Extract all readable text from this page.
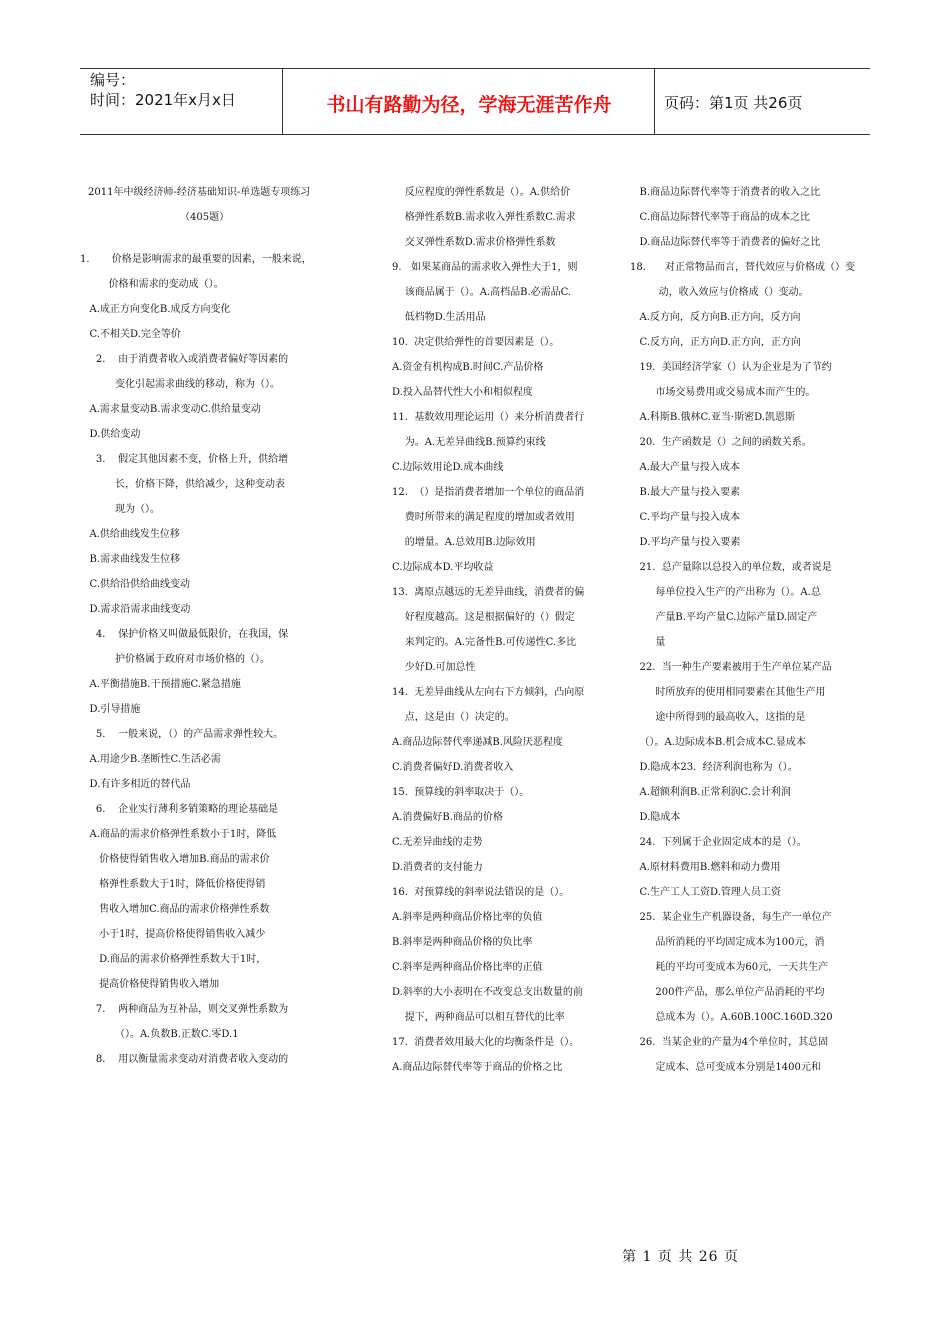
编号：
时间：2021年x月x日	书山有路勤为径，学海无涯苦作舟	页码：第1页 共26页

2011年中级经济师-经济基础知识-单选题专项练习

（405题）

1.       价格是影响需求的最重要的因素，一般来说，

价格和需求的变动成（）。

A.成正方向变化B.成反方向变化

C.不相关D.完全等价

2.    由于消费者收入或消费者偏好等因素的

变化引起需求曲线的移动，称为（）。

A.需求量变动B.需求变动C.供给量变动

D.供给变动

3.    假定其他因素不变，价格上升，供给增

长，价格下降，供给减少，这种变动表

现为（）。

A.供给曲线发生位移

B.需求曲线发生位移

C.供给沿供给曲线变动

D.需求沿需求曲线变动

4.    保护价格又叫做最低限价，在我国，保

护价格属于政府对市场价格的（）。

A.平衡措施B.干预措施C.紧急措施

D.引导措施

5.    一般来说，（）的产品需求弹性较大。

A.用途少B.垄断性C.生活必需

D.有许多相近的替代品

6.    企业实行薄利多销策略的理论基础是

A.商品的需求价格弹性系数小于1时，降低

价格使得销售收入增加B.商品的需求价

格弹性系数大于1时，降低价格使得销

售收入增加C.商品的需求价格弹性系数

小于1时，提高价格使得销售收入减少

D.商品的需求价格弹性系数大于1时，

提高价格使得销售收入增加

7.    两种商品为互补品，则交叉弹性系数为

（）。A.负数B.正数C.零D.1

8.    用以衡量需求变动对消费者收入变动的

反应程度的弹性系数是（）。A.供给价

格弹性系数B.需求收入弹性系数C.需求

交叉弹性系数D.需求价格弹性系数

9.   如果某商品的需求收入弹性大于1，则

该商品属于（）。A.高档品B.必需品C.

低档物D.生活用品

10.  决定供给弹性的首要因素是（）。

A.资金有机构成B.时间C.产品价格

D.投入品替代性大小和相似程度

11.  基数效用理论运用（）来分析消费者行

为。A.无差异曲线B.预算约束线

C.边际效用论D.成本曲线

12.  （）是指消费者增加一个单位的商品消

费时所带来的满足程度的增加或者效用

的增量。A.总效用B.边际效用

C.边际成本D.平均收益

13.  离原点越远的无差异曲线，消费者的偏

好程度越高。这是根据偏好的（）假定

来判定的。A.完备性B.可传递性C.多比

少好D.可加总性

14.  无差异曲线从左向右下方倾斜，凸向原

点，这是由（）决定的。

A.商品边际替代率递减B.风险厌恶程度

C.消费者偏好D.消费者收入

15.  预算线的斜率取决于（）。

A.消费偏好B.商品的价格

C.无差异曲线的走势

D.消费者的支付能力

16.  对预算线的斜率说法错误的是（）。

A.斜率是两种商品价格比率的负值

B.斜率是两种商品价格的负比率

C.斜率是两种商品价格比率的正值

D.斜率的大小表明在不改变总支出数量的前

提下，两种商品可以相互替代的比率

17.  消费者效用最大化的均衡条件是（）。

A.商品边际替代率等于商品的价格之比

B.商品边际替代率等于消费者的收入之比

C.商品边际替代率等于商品的成本之比

D.商品边际替代率等于消费者的偏好之比

18.      对正常物品而言，替代效应与价格成（）变

动，收入效应与价格成（）变动。

A.反方向，反方向B.正方向，反方向

C.反方向，正方向D.正方向，正方向

19.  美国经济学家（）认为企业是为了节约

市场交易费用或交易成本而产生的。

A.科斯B.俄林C.亚当·斯密D.凯恩斯

20.  生产函数是（）之间的函数关系。

A.最大产量与投入成本

B.最大产量与投入要素

C.平均产量与投入成本

D.平均产量与投入要素

21.  总产量除以总投入的单位数，或者说是

每单位投入生产的产出称为（）。A.总

产量B.平均产量C.边际产量D.固定产

量

22.  当一种生产要素被用于生产单位某产品

时所放弃的使用相同要素在其他生产用

途中所得到的最高收入，这指的是

（）。A.边际成本B.机会成本C.显成本

D.隐成本23.  经济利润也称为（）。

A.超额利润B.正常利润C.会计利润

D.隐成本

24.  下列属于企业固定成本的是（）。

A.原材料费用B.燃料和动力费用

C.生产工人工资D.管理人员工资

25.  某企业生产机器设备，每生产一单位产

品所消耗的平均固定成本为100元，消

耗的平均可变成本为60元，一天共生产

200件产品，那么单位产品消耗的平均

总成本为（）。A.60B.100C.160D.320

26.  当某企业的产量为4个单位时，其总固

定成本、总可变成本分别是1400元和

第 1 页 共 26 页
